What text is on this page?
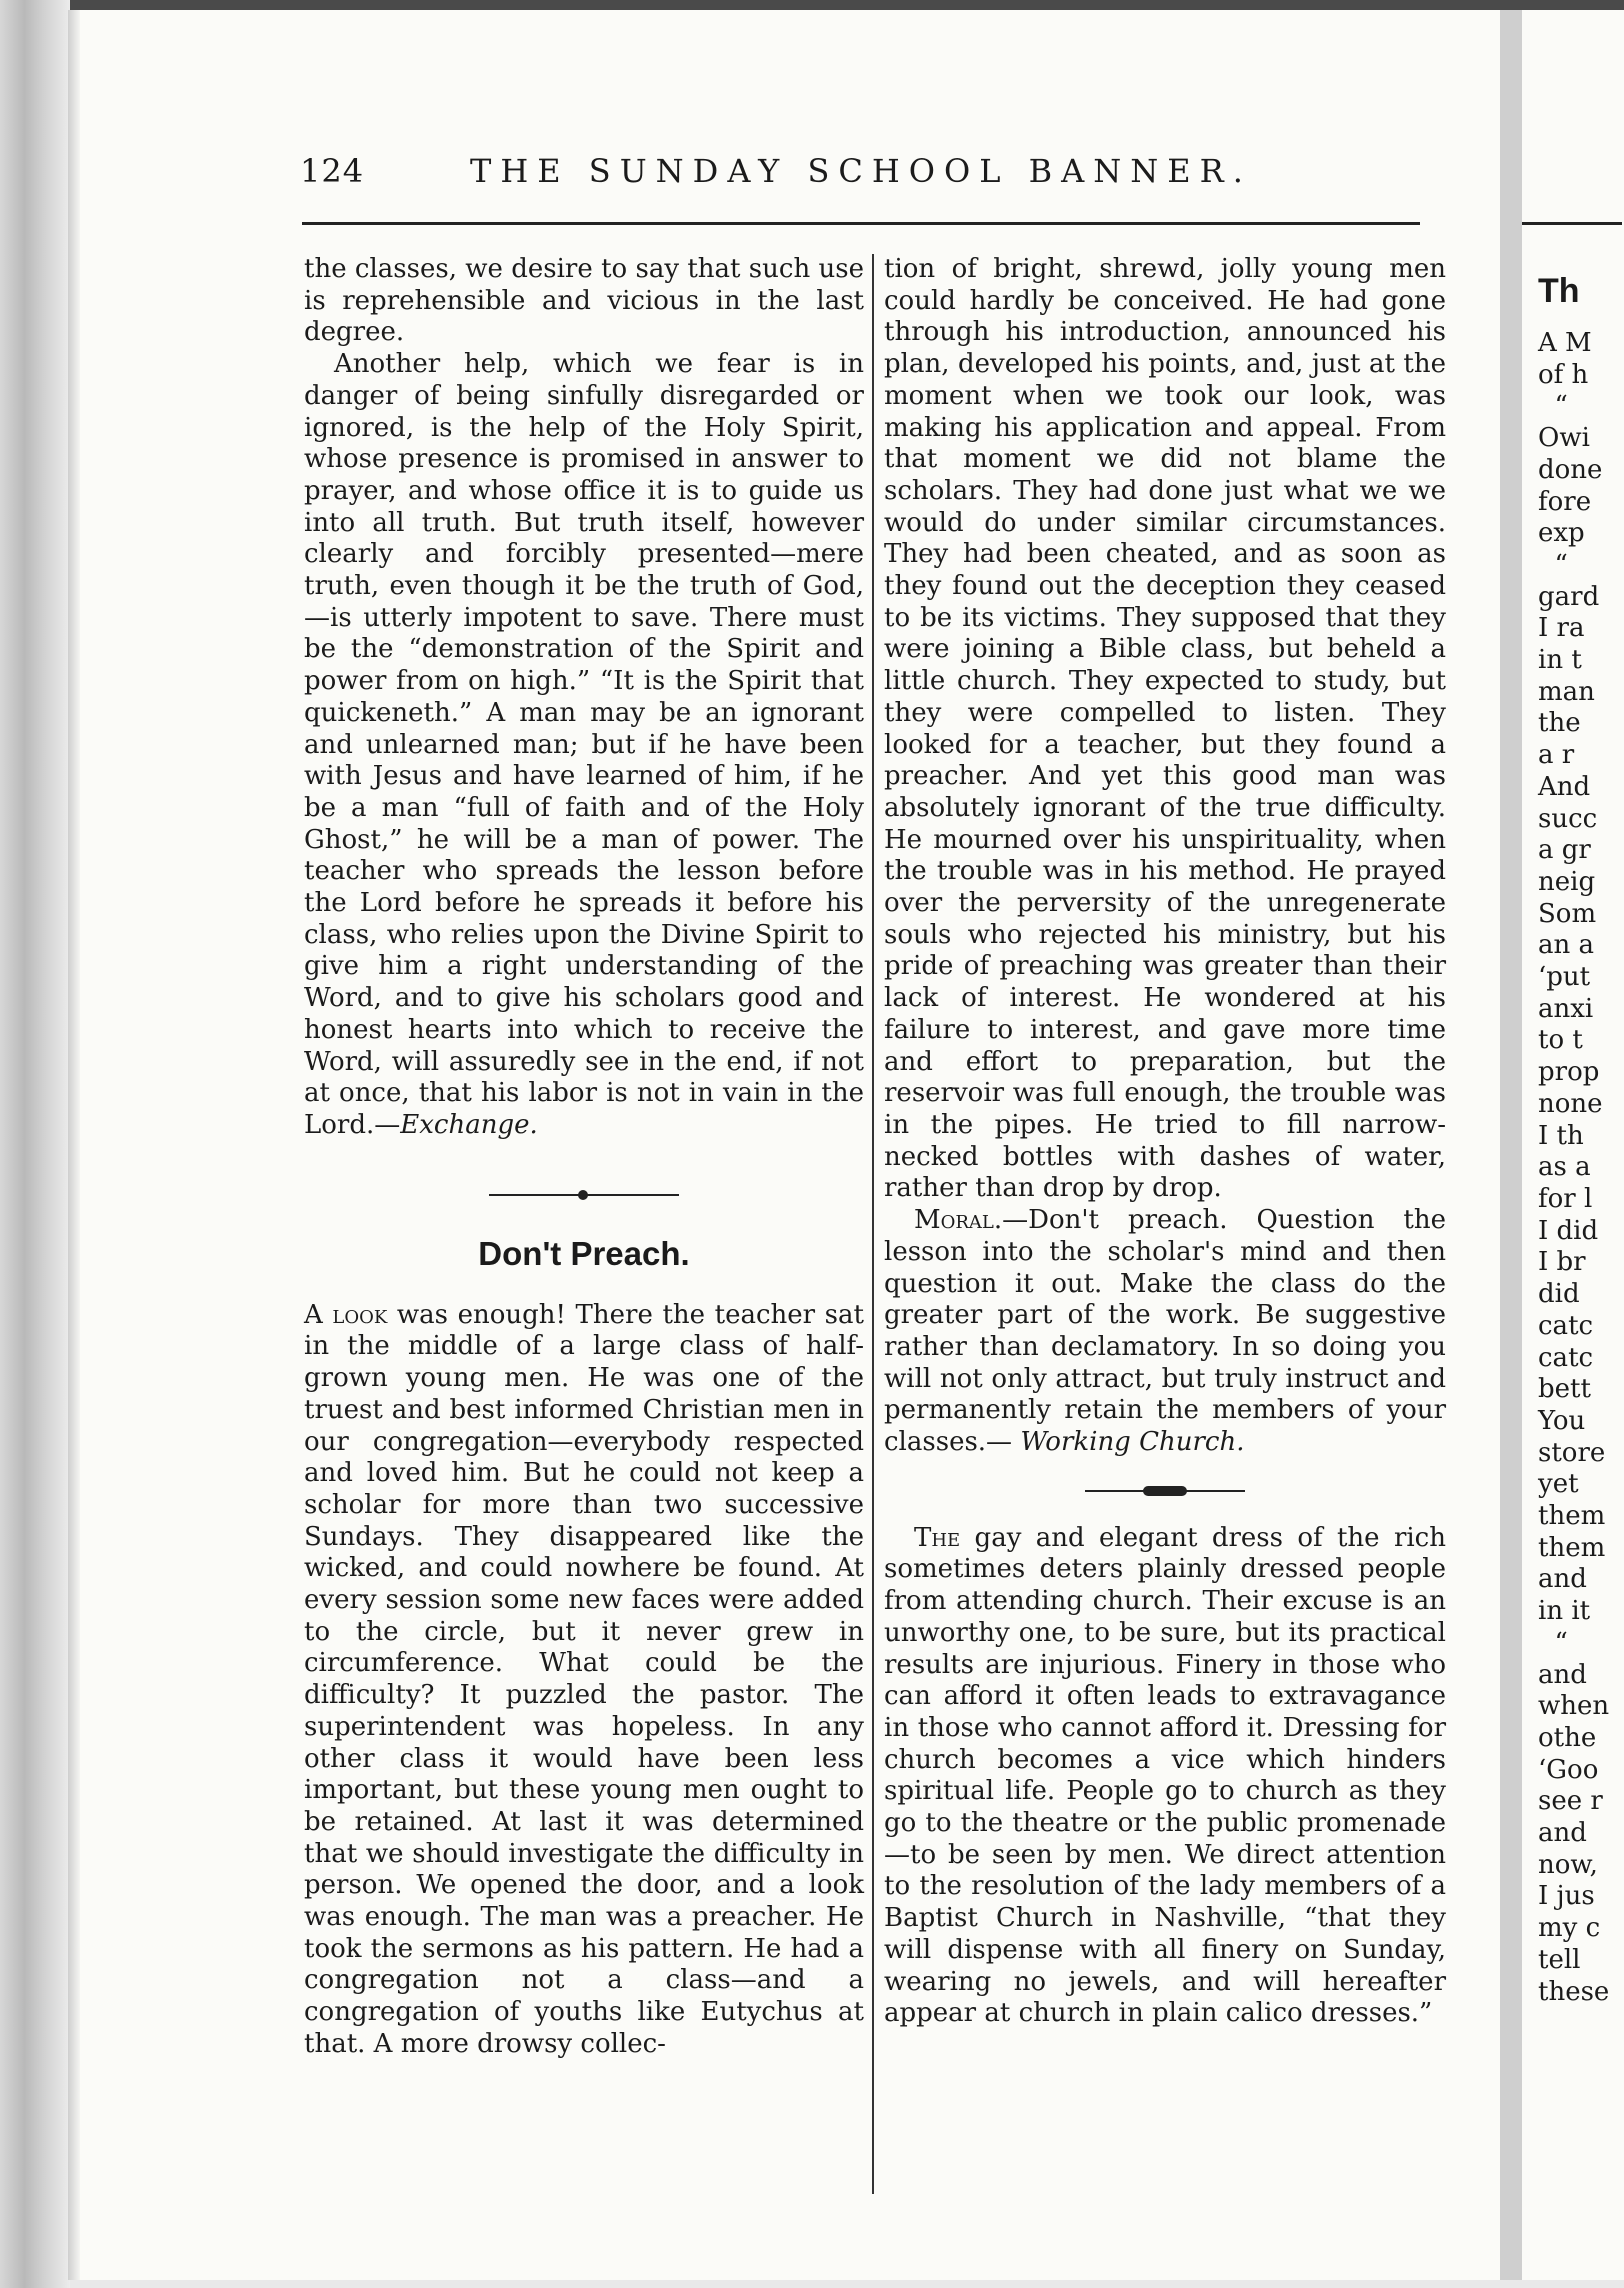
124	THE SUNDAY SCHOOL BANNER.

the classes, we desire to say that such use is reprehensible and vicious in the last degree.

Another help, which we fear is in danger of being sinfully disregarded or ignored, is the help of the Holy Spirit, whose presence is promised in answer to prayer, and whose office it is to guide us into all truth. But truth itself, however clearly and forcibly presented—mere truth, even though it be the truth of God,—is utterly impotent to save. There must be the “demonstration of the Spirit and power from on high.” “It is the Spirit that quickeneth.” A man may be an ignorant and unlearned man; but if he have been with Jesus and have learned of him, if he be a man “full of faith and of the Holy Ghost,” he will be a man of power. The teacher who spreads the lesson before the Lord before he spreads it before his class, who relies upon the Divine Spirit to give him a right understanding of the Word, and to give his scholars good and honest hearts into which to receive the Word, will assuredly see in the end, if not at once, that his labor is not in vain in the Lord.—Exchange.

Don't Preach.

A look was enough! There the teacher sat in the middle of a large class of half-grown young men. He was one of the truest and best informed Christian men in our congregation—everybody respected and loved him. But he could not keep a scholar for more than two successive Sundays. They disappeared like the wicked, and could nowhere be found. At every session some new faces were added to the circle, but it never grew in circumference. What could be the difficulty? It puzzled the pastor. The superintendent was hopeless. In any other class it would have been less important, but these young men ought to be retained. At last it was determined that we should investigate the difficulty in person. We opened the door, and a look was enough. The man was a preacher. He took the sermons as his pattern. He had a congregation not a class—and a congregation of youths like Eutychus at that. A more drowsy collec-

tion of bright, shrewd, jolly young men could hardly be conceived. He had gone through his introduction, announced his plan, developed his points, and, just at the moment when we took our look, was making his application and appeal. From that moment we did not blame the scholars. They had done just what we we would do under similar circumstances. They had been cheated, and as soon as they found out the deception they ceased to be its victims. They supposed that they were joining a Bible class, but beheld a little church. They expected to study, but they were compelled to listen. They looked for a teacher, but they found a preacher. And yet this good man was absolutely ignorant of the true difficulty. He mourned over his unspirituality, when the trouble was in his method. He prayed over the perversity of the unregenerate souls who rejected his ministry, but his pride of preaching was greater than their lack of interest. He wondered at his failure to interest, and gave more time and effort to preparation, but the reservoir was full enough, the trouble was in the pipes. He tried to fill narrow-necked bottles with dashes of water, rather than drop by drop.

Moral.—Don't preach. Question the lesson into the scholar's mind and then question it out. Make the class do the greater part of the work. Be suggestive rather than declamatory. In so doing you will not only attract, but truly instruct and permanently retain the members of your classes.— Working Church.

The gay and elegant dress of the rich sometimes deters plainly dressed people from attending church. Their excuse is an unworthy one, to be sure, but its practical results are injurious. Finery in those who can afford it often leads to extravagance in those who cannot afford it. Dressing for church becomes a vice which hinders spiritual life. People go to church as they go to the theatre or the public promenade—to be seen by men. We direct attention to the resolution of the lady members of a Baptist Church in Nashville, “that they will dispense with all finery on Sunday, wearing no jewels, and will hereafter appear at church in plain calico dresses.”

Th
A M
of h
“
Owi
done
fore
exp
“
gard
I ra
in t
man
the
a r
And
succ
a gr
neig
Som
an a
‘put
anxi
to t
prop
none
I th
as a
for l
I did
I br
did
catc
catc
bett
You
store
yet
them
them
and
in it
“
and
when
othe
‘Goo
see r
and
now,
I jus
my c
tell
these
